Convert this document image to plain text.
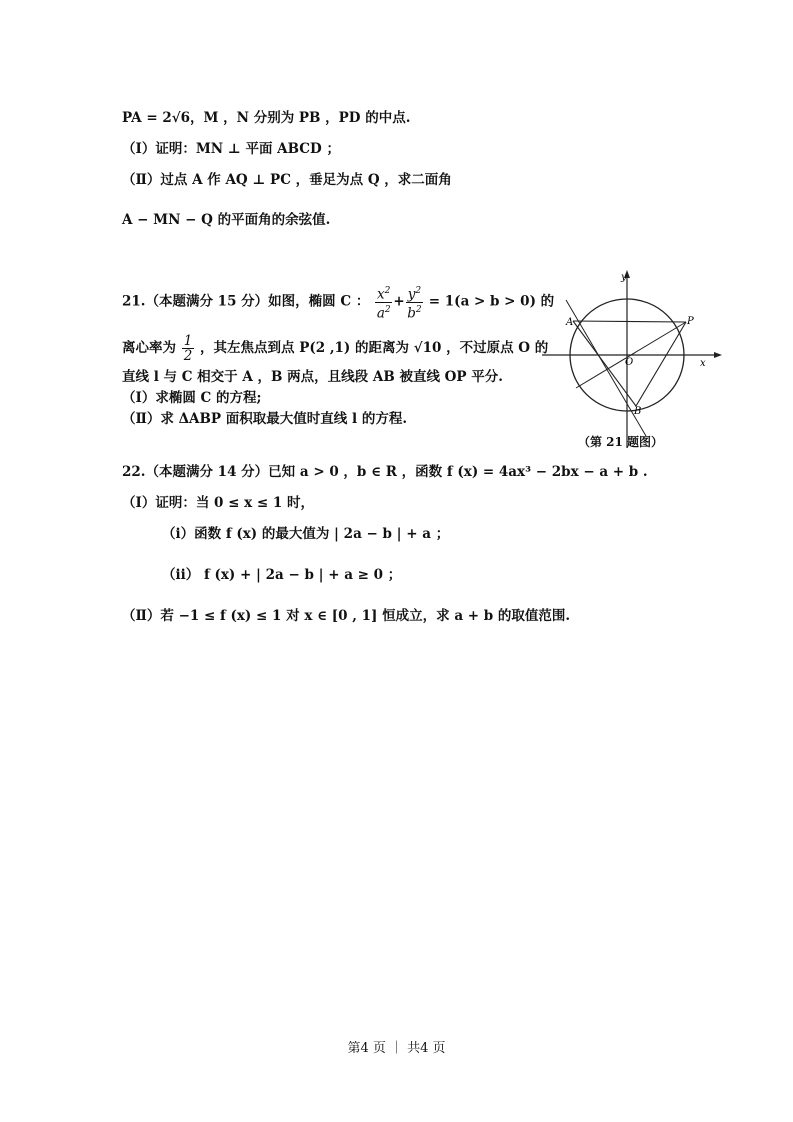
PA = 2√6，M ，N 分别为 PB ，PD 的中点.
（Ⅰ）证明：MN ⊥ 平面 ABCD ；
（Ⅱ）过点 A 作 AQ ⊥ PC ，垂足为点 Q ，求二面角
A − MN − Q 的平面角的余弦值.
21.（本题满分 15 分）如图，椭圆 C ： $\frac{x^2}{a^2} + \frac{y^2}{b^2} = 1(a > b > 0)$ 的
离心率为 $\frac{1}{2}$ ，其左焦点到点 P(2 ,1) 的距离为 √10 ，不过原点 O 的
直线 l 与 C 相交于 A ，B 两点，且线段 AB 被直线 OP 平分.
（Ⅰ）求椭圆 C 的方程;
（Ⅱ）求 ΔABP 面积取最大值时直线 l 的方程.
y
x
A	P
O
B
（第 21 题图）
22.（本题满分 14 分）已知 a > 0 ，b ∈ R ，函数 f (x) = 4ax³ − 2bx − a + b .
（Ⅰ）证明：当 0 ≤ x ≤ 1 时，
（i）函数 f (x) 的最大值为 | 2a − b | + a ；
（ii） f (x) + | 2a − b | + a ≥ 0 ；
（Ⅱ）若 −1 ≤ f (x) ≤ 1 对 x ∈ [0 , 1] 恒成立，求 a + b 的取值范围.
第4 页 ｜ 共4 页
